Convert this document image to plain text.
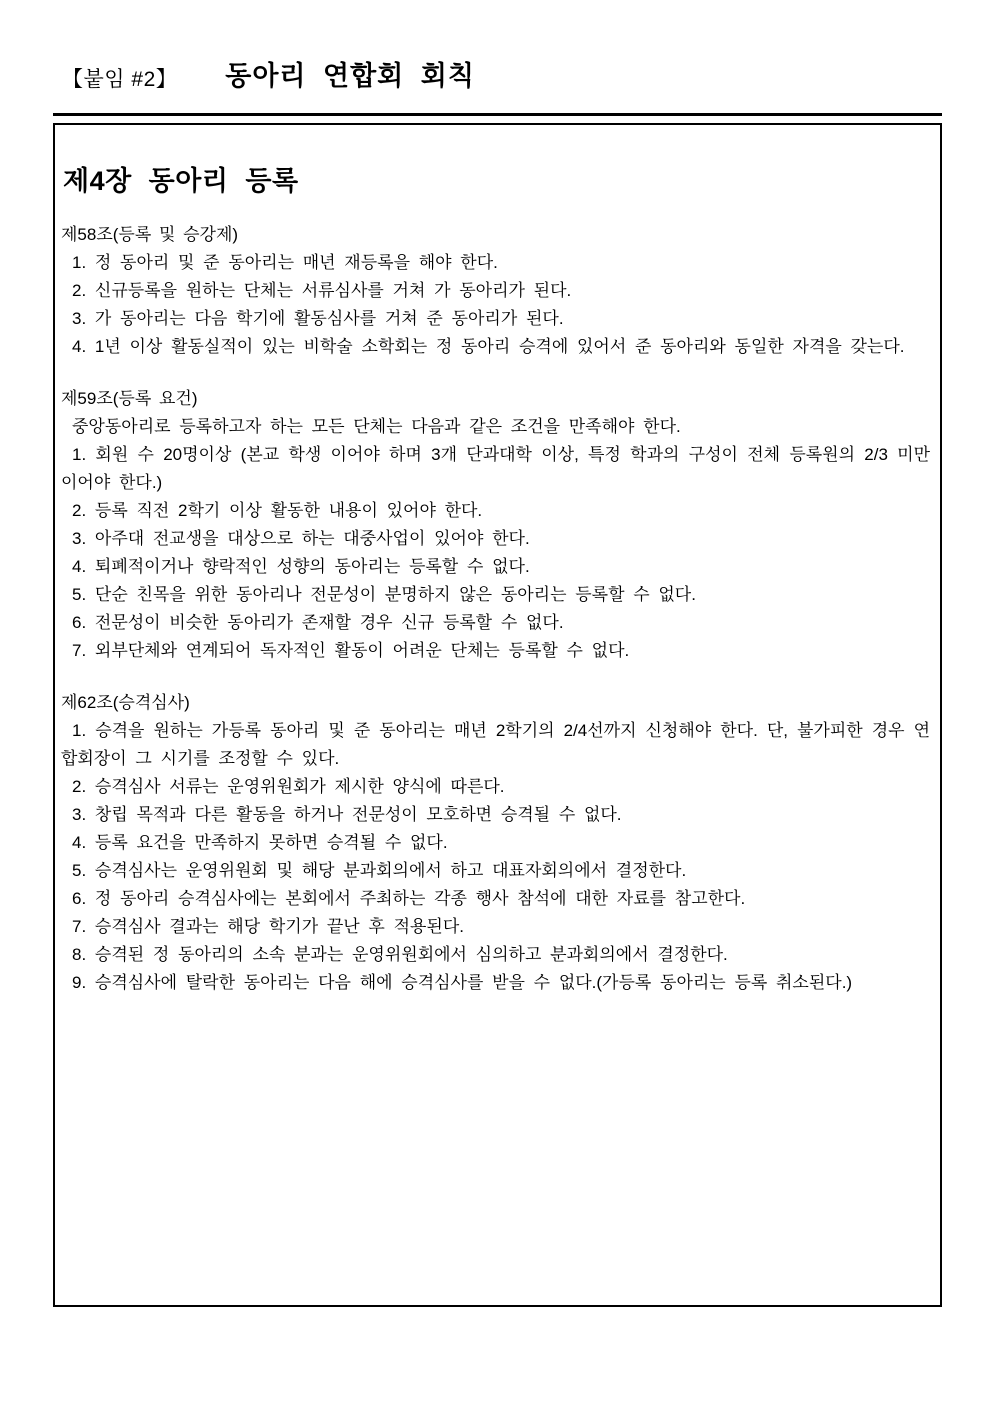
【붙임 #2】 동아리 연합회 회칙
제4장 동아리 등록

제58조(등록 및 승강제)

1. 정 동아리 및 준 동아리는 매년 재등록을 해야 한다.

2. 신규등록을 원하는 단체는 서류심사를 거쳐 가 동아리가 된다.

3. 가 동아리는 다음 학기에 활동심사를 거쳐 준 동아리가 된다.

4. 1년 이상 활동실적이 있는 비학술 소학회는 정 동아리 승격에 있어서 준 동아리와 동일한 자격을 갖는다.

제59조(등록 요건)

중앙동아리로 등록하고자 하는 모든 단체는 다음과 같은 조건을 만족해야 한다.

1. 회원 수 20명이상 (본교 학생 이어야 하며 3개 단과대학 이상, 특정 학과의 구성이 전체 등록원의 2/3 미만 이어야 한다.)

2. 등록 직전 2학기 이상 활동한 내용이 있어야 한다.

3. 아주대 전교생을 대상으로 하는 대중사업이 있어야 한다.

4. 퇴폐적이거나 향락적인 성향의 동아리는 등록할 수 없다.

5. 단순 친목을 위한 동아리나 전문성이 분명하지 않은 동아리는 등록할 수 없다.

6. 전문성이 비슷한 동아리가 존재할 경우 신규 등록할 수 없다.

7. 외부단체와 연계되어 독자적인 활동이 어려운 단체는 등록할 수 없다.

제62조(승격심사)

1. 승격을 원하는 가등록 동아리 및 준 동아리는 매년 2학기의 2/4선까지 신청해야 한다. 단, 불가피한 경우 연합회장이 그 시기를 조정할 수 있다.

2. 승격심사 서류는 운영위원회가 제시한 양식에 따른다.

3. 창립 목적과 다른 활동을 하거나 전문성이 모호하면 승격될 수 없다.

4. 등록 요건을 만족하지 못하면 승격될 수 없다.

5. 승격심사는 운영위원회 및 해당 분과회의에서 하고 대표자회의에서 결정한다.

6. 정 동아리 승격심사에는 본회에서 주최하는 각종 행사 참석에 대한 자료를 참고한다.

7. 승격심사 결과는 해당 학기가 끝난 후 적용된다.

8. 승격된 정 동아리의 소속 분과는 운영위원회에서 심의하고 분과회의에서 결정한다.

9. 승격심사에 탈락한 동아리는 다음 해에 승격심사를 받을 수 없다.(가등록 동아리는 등록 취소된다.)
